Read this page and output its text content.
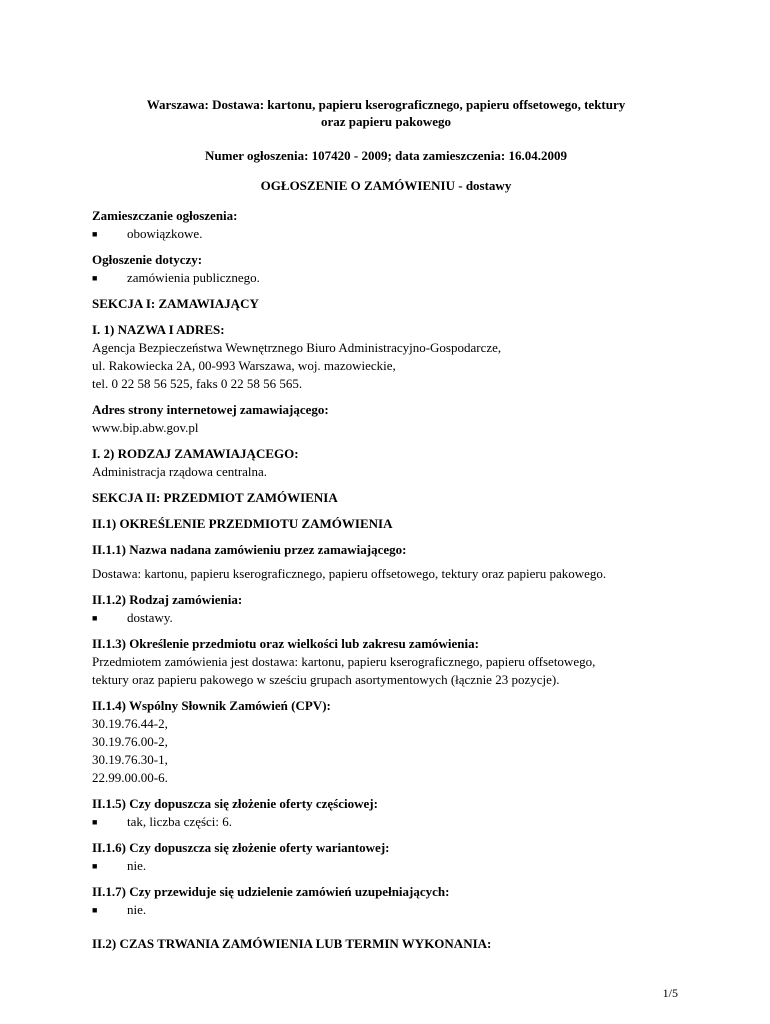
Warszawa: Dostawa: kartonu, papieru kserograficznego, papieru offsetowego, tektury

oraz papieru pakowego

Numer ogłoszenia: 107420 - 2009; data zamieszczenia: 16.04.2009

OGŁOSZENIE O ZAMÓWIENIU - dostawy

Zamieszczanie ogłoszenia:

■	obowiązkowe.

Ogłoszenie dotyczy:

■	zamówienia publicznego.

SEKCJA I: ZAMAWIAJĄCY

I. 1) NAZWA I ADRES:

Agencja Bezpieczeństwa Wewnętrznego Biuro Administracyjno-Gospodarcze,
ul. Rakowiecka 2A, 00-993 Warszawa, woj. mazowieckie,
tel. 0 22 58 56 525, faks 0 22 58 56 565.

Adres strony internetowej zamawiającego:

www.bip.abw.gov.pl

I. 2) RODZAJ ZAMAWIAJĄCEGO:

Administracja rządowa centralna.

SEKCJA II: PRZEDMIOT ZAMÓWIENIA

II.1) OKREŚLENIE PRZEDMIOTU ZAMÓWIENIA

II.1.1) Nazwa nadana zamówieniu przez zamawiającego:

Dostawa: kartonu, papieru kserograficznego, papieru offsetowego, tektury oraz papieru pakowego.

II.1.2) Rodzaj zamówienia:

■	dostawy.

II.1.3) Określenie przedmiotu oraz wielkości lub zakresu zamówienia:

Przedmiotem zamówienia jest dostawa: kartonu, papieru kserograficznego, papieru offsetowego,
tektury oraz papieru pakowego w sześciu grupach asortymentowych (łącznie 23 pozycje).

II.1.4) Wspólny Słownik Zamówień (CPV):

30.19.76.44-2,
30.19.76.00-2,
30.19.76.30-1,
22.99.00.00-6.

II.1.5) Czy dopuszcza się złożenie oferty częściowej:

■	tak, liczba części: 6.

II.1.6) Czy dopuszcza się złożenie oferty wariantowej:

■	nie.

II.1.7) Czy przewiduje się udzielenie zamówień uzupełniających:

■	nie.

II.2) CZAS TRWANIA ZAMÓWIENIA LUB TERMIN WYKONANIA:

1/5
